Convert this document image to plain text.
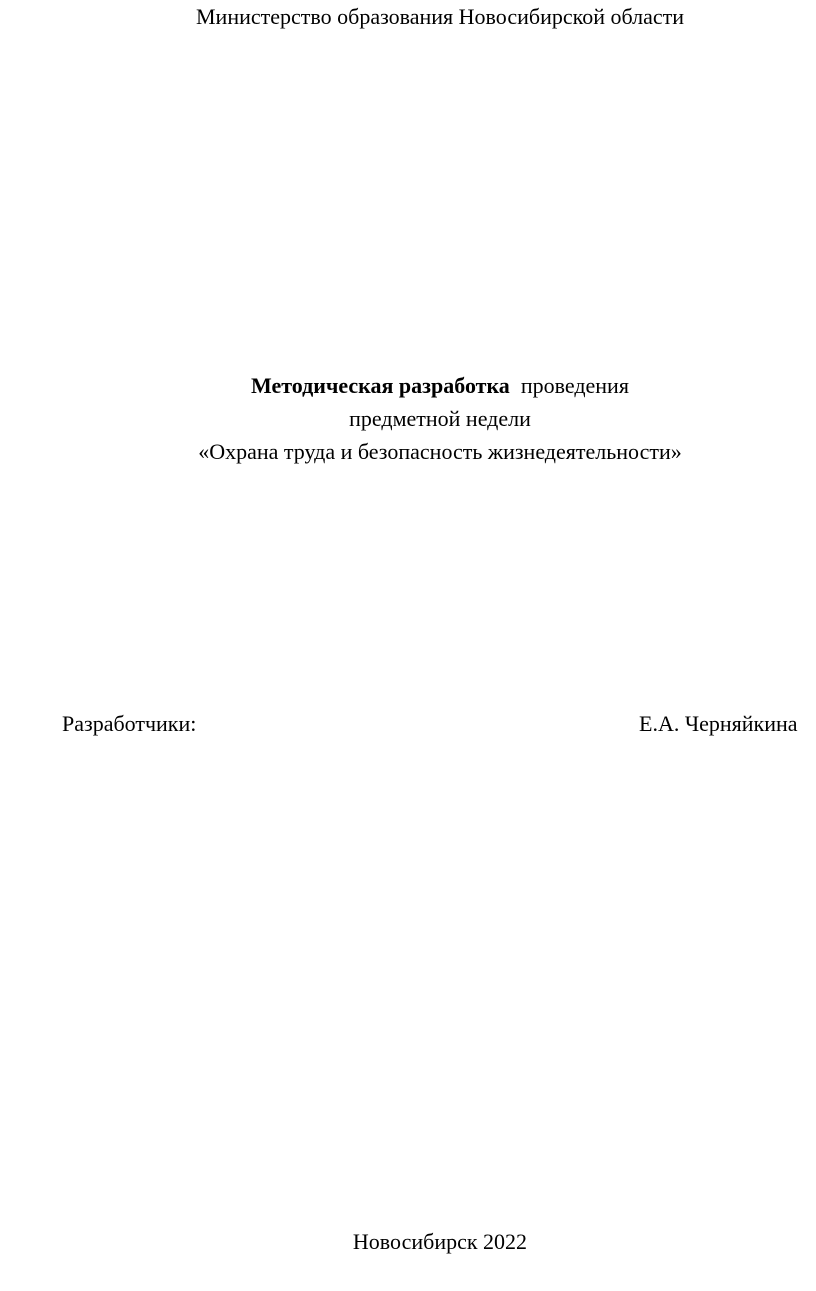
Министерство образования Новосибирской области
Методическая разработка проведения
предметной недели
«Охрана труда и безопасность жизнедеятельности»
Разработчики:	Е.А. Черняйкина
Новосибирск 2022
